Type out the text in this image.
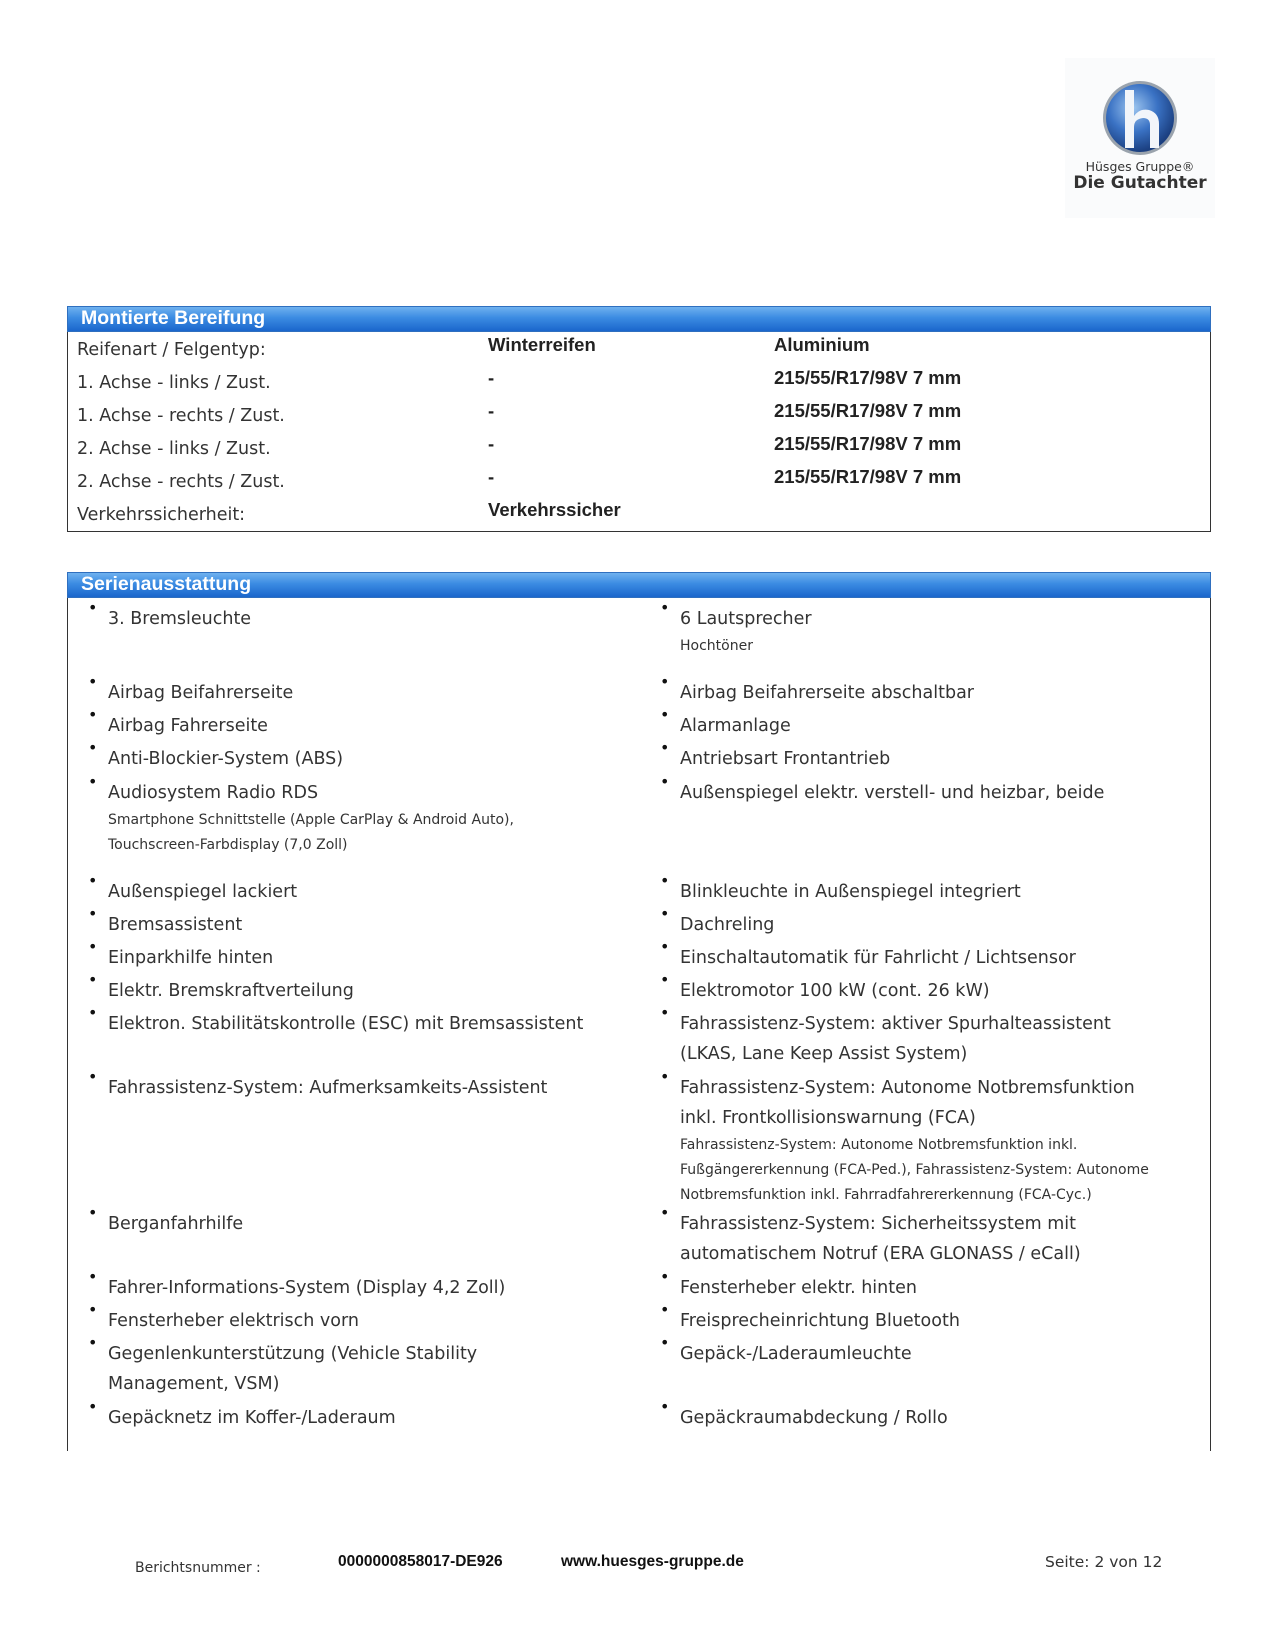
Hüsges Gruppe®
Die Gutachter
Montierte Bereifung
Reifenart / Felgentyp:	Winterreifen	Aluminium
1. Achse - links / Zust.	-	215/55/R17/98V 7 mm
1. Achse - rechts / Zust.	-	215/55/R17/98V 7 mm
2. Achse - links / Zust.	-	215/55/R17/98V 7 mm
2. Achse - rechts / Zust.	-	215/55/R17/98V 7 mm
Verkehrssicherheit:	Verkehrssicher
Serienausstattung
•
3. Bremsleuchte
•
6 Lautsprecher
Hochtöner
•
Airbag Beifahrerseite
•
Airbag Beifahrerseite abschaltbar
•
Airbag Fahrerseite
•
Alarmanlage
•
Anti-Blockier-System (ABS)
•
Antriebsart Frontantrieb
•
Audiosystem Radio RDS
Smartphone Schnittstelle (Apple CarPlay & Android Auto), Touchscreen-Farbdisplay (7,0 Zoll)
•
Außenspiegel elektr. verstell- und heizbar, beide
•
Außenspiegel lackiert
•
Blinkleuchte in Außenspiegel integriert
•
Bremsassistent
•
Dachreling
•
Einparkhilfe hinten
•
Einschaltautomatik für Fahrlicht / Lichtsensor
•
Elektr. Bremskraftverteilung
•
Elektromotor 100 kW (cont. 26 kW)
•
Elektron. Stabilitätskontrolle (ESC) mit Bremsassistent
•
Fahrassistenz-System: aktiver Spurhalteassistent (LKAS, Lane Keep Assist System)
•
Fahrassistenz-System: Aufmerksamkeits-Assistent
•
Fahrassistenz-System: Autonome Notbremsfunktion inkl. Frontkollisionswarnung (FCA)
Fahrassistenz-System: Autonome Notbremsfunktion inkl. Fußgängererkennung (FCA-Ped.), Fahrassistenz-System: Autonome Notbremsfunktion inkl. Fahrradfahrererkennung (FCA-Cyc.)
•
Berganfahrhilfe
•
Fahrassistenz-System: Sicherheitssystem mit automatischem Notruf (ERA GLONASS / eCall)
•
Fahrer-Informations-System (Display 4,2 Zoll)
•
Fensterheber elektr. hinten
•
Fensterheber elektrisch vorn
•
Freisprecheinrichtung Bluetooth
•
Gegenlenkunterstützung (Vehicle Stability Management, VSM)
•
Gepäck-/Laderaumleuchte
•
Gepäcknetz im Koffer-/Laderaum
•
Gepäckraumabdeckung / Rollo
Berichtsnummer :	0000000858017-DE926	www.huesges-gruppe.de	Seite: 2 von 12
